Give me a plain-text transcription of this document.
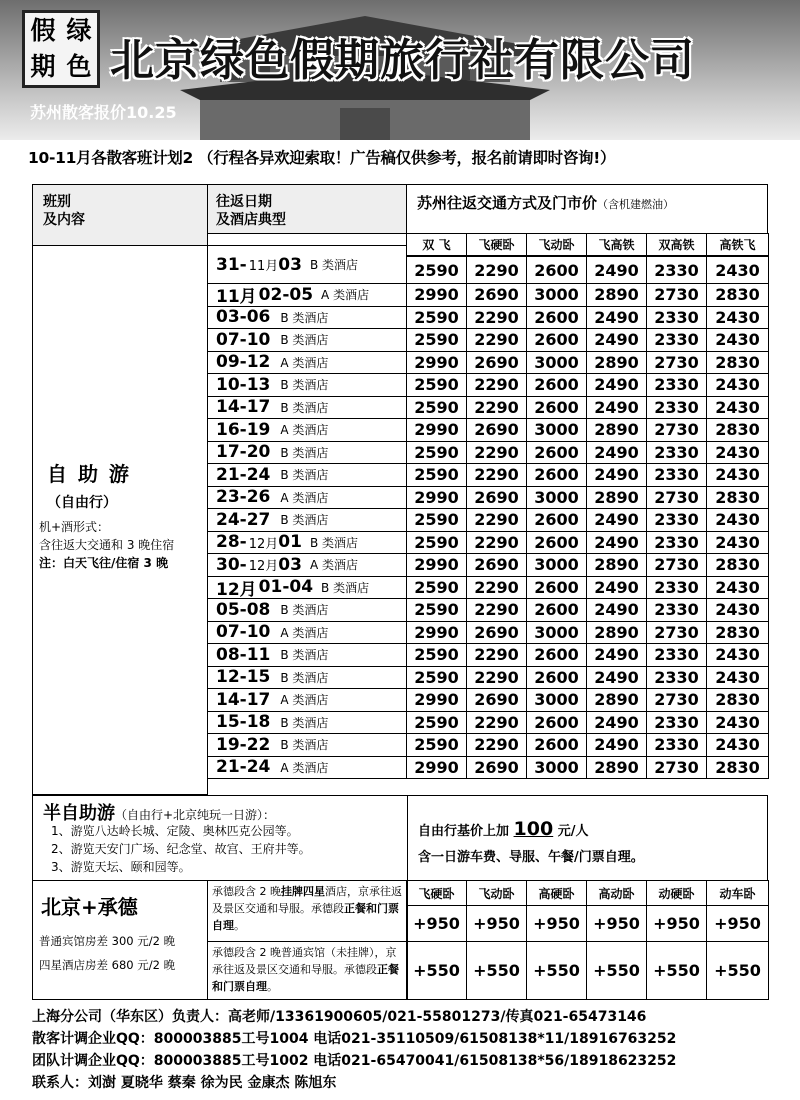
假 绿
期 色 北京绿色假期旅行社有限公司
苏州散客报价10.25
10-11月各散客班计划2 （行程各异欢迎索取！广告稿仅供参考，报名前请即时咨询!）
班别
及内容
往返日期
及酒店典型
苏州往返交通方式及门市价（含机建燃油）
双 飞	飞硬卧	飞动卧	飞高铁	双高铁	高铁飞
自 助 游
（自由行）
机+酒形式：
含往返大交通和 3 晚住宿
注：白天飞往/住宿 3 晚
31- 11月 03 B 类酒店	2590 2290 2600 2490 2330	2430
11月 02-05 A 类酒店	2990 2690 3000 2890 2730	2830
03-06 B 类酒店	2590 2290 2600 2490 2330	2430
07-10 B 类酒店	2590 2290 2600 2490 2330	2430
09-12 A 类酒店	2990 2690 3000 2890 2730	2830
10-13 B 类酒店	2590 2290 2600 2490 2330	2430
14-17 B 类酒店	2590 2290 2600 2490 2330	2430
16-19 A 类酒店	2990 2690 3000 2890 2730	2830
17-20 B 类酒店	2590 2290 2600 2490 2330	2430
21-24 B 类酒店	2590 2290 2600 2490 2330	2430
23-26 A 类酒店	2990 2690 3000 2890 2730	2830
24-27 B 类酒店	2590 2290 2600 2490 2330	2430
28- 12月 01 B 类酒店	2590 2290 2600 2490 2330	2430
30- 12月 03 A 类酒店	2990 2690 3000 2890 2730	2830
12月 01-04 B 类酒店	2590 2290 2600 2490 2330	2430
05-08 B 类酒店	2590 2290 2600 2490 2330	2430
07-10 A 类酒店	2990 2690 3000 2890 2730	2830
08-11 B 类酒店	2590 2290 2600 2490 2330	2430
12-15 B 类酒店	2590 2290 2600 2490 2330	2430
14-17 A 类酒店	2990 2690 3000 2890 2730	2830
15-18 B 类酒店	2590 2290 2600 2490 2330	2430
19-22 B 类酒店	2590 2290 2600 2490 2330	2430
21-24 A 类酒店	2990 2690 3000 2890 2730	2830
半自助游（自由行+北京纯玩一日游）：
1、游览八达岭长城、定陵、奥林匹克公园等。
2、游览天安门广场、纪念堂、故宫、王府井等。
3、游览天坛、颐和园等。
自由行基价上加 100 元/人
含一日游车费、导服、午餐/门票自理。
北京+承德
普通宾馆房差 300 元/2 晚
四星酒店房差 680 元/2 晚
承德段含 2 晚挂牌四星酒店，京承往返及景区交通和导服。承德段正餐和门票自理。
承德段含 2 晚普通宾馆（未挂牌），京承往返及景区交通和导服。承德段正餐和门票自理。
飞硬卧	飞动卧	高硬卧	高动卧	动硬卧	动车卧
+950 +950 +950 +950 +950 +950
+550 +550 +550 +550 +550 +550
上海分公司（华东区）负责人：高老师/13361900605/021-55801273/传真021-65473146
散客计调企业QQ：800003885工号1004 电话021-35110509/61508138*11/18916763252
团队计调企业QQ：800003885工号1002 电话021-65470041/61508138*56/18918623252
联系人：刘澍 夏晓华 蔡秦 徐为民 金康杰 陈旭东
